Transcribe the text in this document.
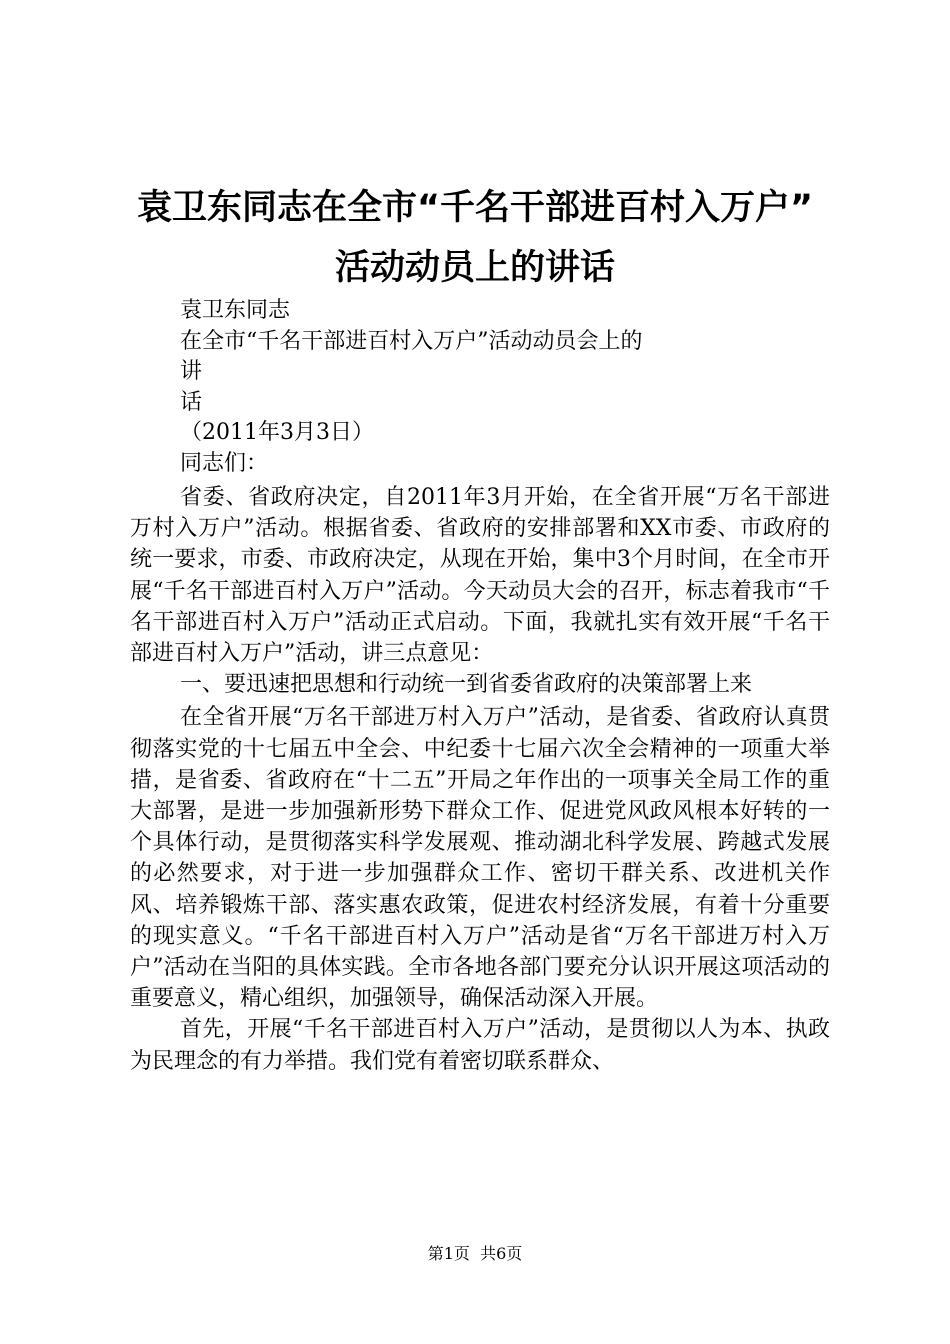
袁卫东同志在全市“千名干部进百村入万户”
活动动员上的讲话
袁卫东同志
在全市“千名干部进百村入万户”活动动员会上的
讲
话
（2011年3月3日）
同志们：

省委、省政府决定，自2011年3月开始，在全省开展“万名干部进万村入万户”活动。根据省委、省政府的安排部署和XX市委、市政府的统一要求，市委、市政府决定，从现在开始，集中3个月时间，在全市开展“千名干部进百村入万户”活动。今天动员大会的召开，标志着我市“千名干部进百村入万户”活动正式启动。下面，我就扎实有效开展“千名干部进百村入万户”活动，讲三点意见：

一、要迅速把思想和行动统一到省委省政府的决策部署上来

在全省开展“万名干部进万村入万户”活动，是省委、省政府认真贯彻落实党的十七届五中全会、中纪委十七届六次全会精神的一项重大举措，是省委、省政府在“十二五”开局之年作出的一项事关全局工作的重大部署，是进一步加强新形势下群众工作、促进党风政风根本好转的一个具体行动，是贯彻落实科学发展观、推动湖北科学发展、跨越式发展的必然要求，对于进一步加强群众工作、密切干群关系、改进机关作风、培养锻炼干部、落实惠农政策，促进农村经济发展，有着十分重要的现实意义。“千名干部进百村入万户”活动是省“万名干部进万村入万户”活动在当阳的具体实践。全市各地各部门要充分认识开展这项活动的重要意义，精心组织，加强领导，确保活动深入开展。

首先，开展“千名干部进百村入万户”活动，是贯彻以人为本、执政为民理念的有力举措。我们党有着密切联系群众、

第1页 共6页
